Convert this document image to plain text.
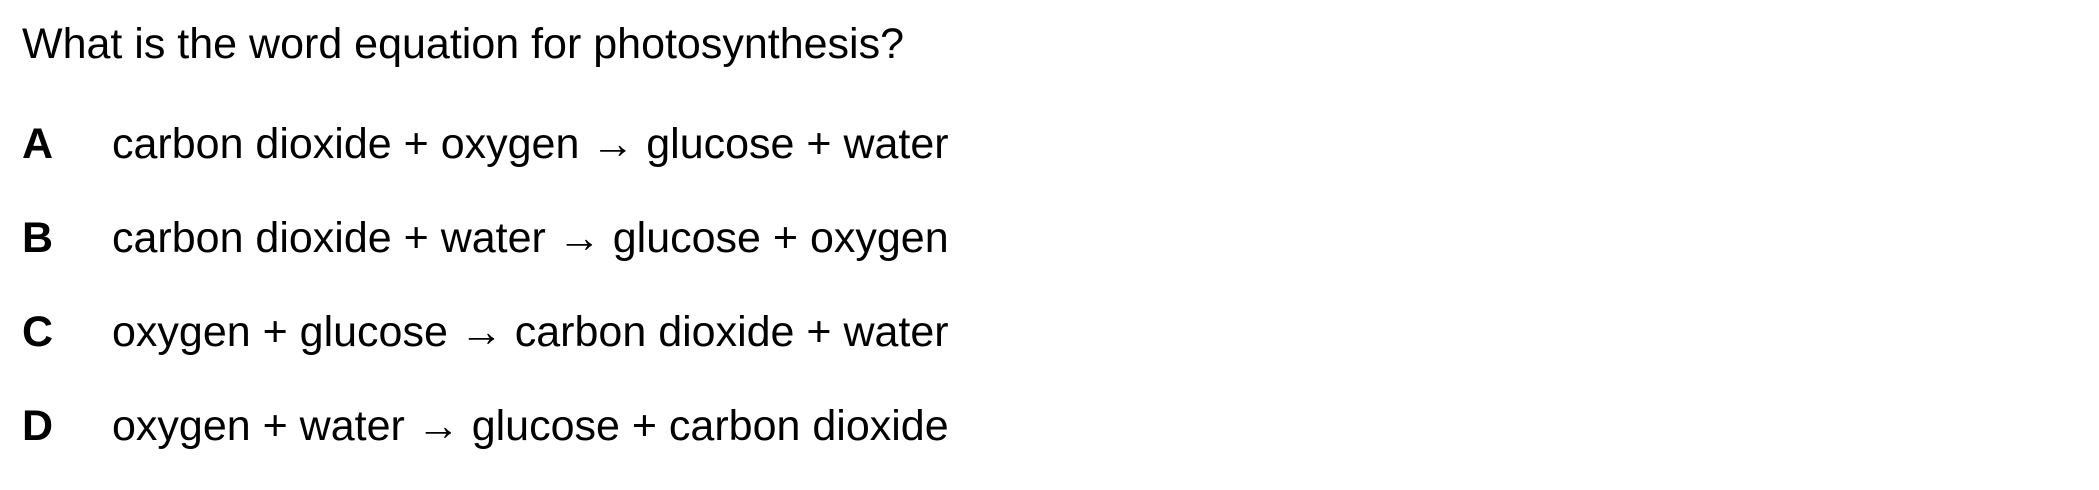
What is the word equation for photosynthesis?
A	carbon dioxide + oxygen → glucose + water
B	carbon dioxide + water → glucose + oxygen
C	oxygen + glucose → carbon dioxide + water
D	oxygen + water → glucose + carbon dioxide
